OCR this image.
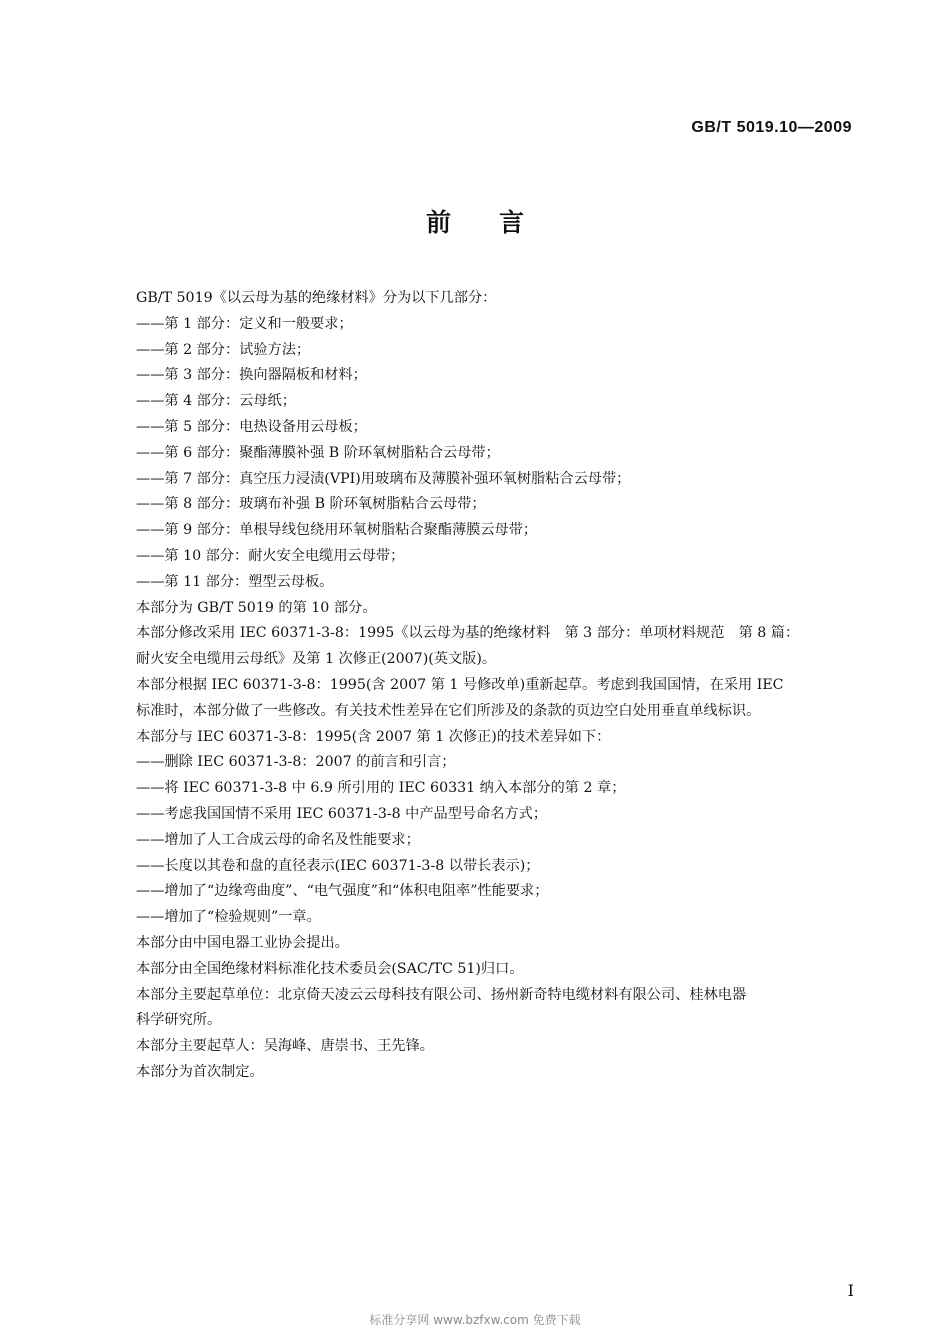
GB/T 5019.10—2009
前言

GB/T 5019《以云母为基的绝缘材料》分为以下几部分：

——第 1 部分：定义和一般要求；

——第 2 部分：试验方法；

——第 3 部分：换向器隔板和材料；

——第 4 部分：云母纸；

——第 5 部分：电热设备用云母板；

——第 6 部分：聚酯薄膜补强 B 阶环氧树脂粘合云母带；

——第 7 部分：真空压力浸渍(VPI)用玻璃布及薄膜补强环氧树脂粘合云母带；

——第 8 部分：玻璃布补强 B 阶环氧树脂粘合云母带；

——第 9 部分：单根导线包绕用环氧树脂粘合聚酯薄膜云母带；

——第 10 部分：耐火安全电缆用云母带；

——第 11 部分：塑型云母板。

本部分为 GB/T 5019 的第 10 部分。

本部分修改采用 IEC 60371-3-8：1995《以云母为基的绝缘材料　第 3 部分：单项材料规范　第 8 篇：

耐火安全电缆用云母纸》及第 1 次修正(2007)(英文版)。

本部分根据 IEC 60371-3-8：1995(含 2007 第 1 号修改单)重新起草。考虑到我国国情，在采用 IEC

标准时，本部分做了一些修改。有关技术性差异在它们所涉及的条款的页边空白处用垂直单线标识。

本部分与 IEC 60371-3-8：1995(含 2007 第 1 次修正)的技术差异如下：

——删除 IEC 60371-3-8：2007 的前言和引言；

——将 IEC 60371-3-8 中 6.9 所引用的 IEC 60331 纳入本部分的第 2 章；

——考虑我国国情不采用 IEC 60371-3-8 中产品型号命名方式；

——增加了人工合成云母的命名及性能要求；

——长度以其卷和盘的直径表示(IEC 60371-3-8 以带长表示)；

——增加了“边缘弯曲度”、“电气强度”和“体积电阻率”性能要求；

——增加了“检验规则”一章。

本部分由中国电器工业协会提出。

本部分由全国绝缘材料标准化技术委员会(SAC/TC 51)归口。

本部分主要起草单位：北京倚天凌云云母科技有限公司、扬州新奇特电缆材料有限公司、桂林电器

科学研究所。

本部分主要起草人：吴海峰、唐崇书、王先锋。

本部分为首次制定。

I
标准分享网 www.bzfxw.com 免费下载
